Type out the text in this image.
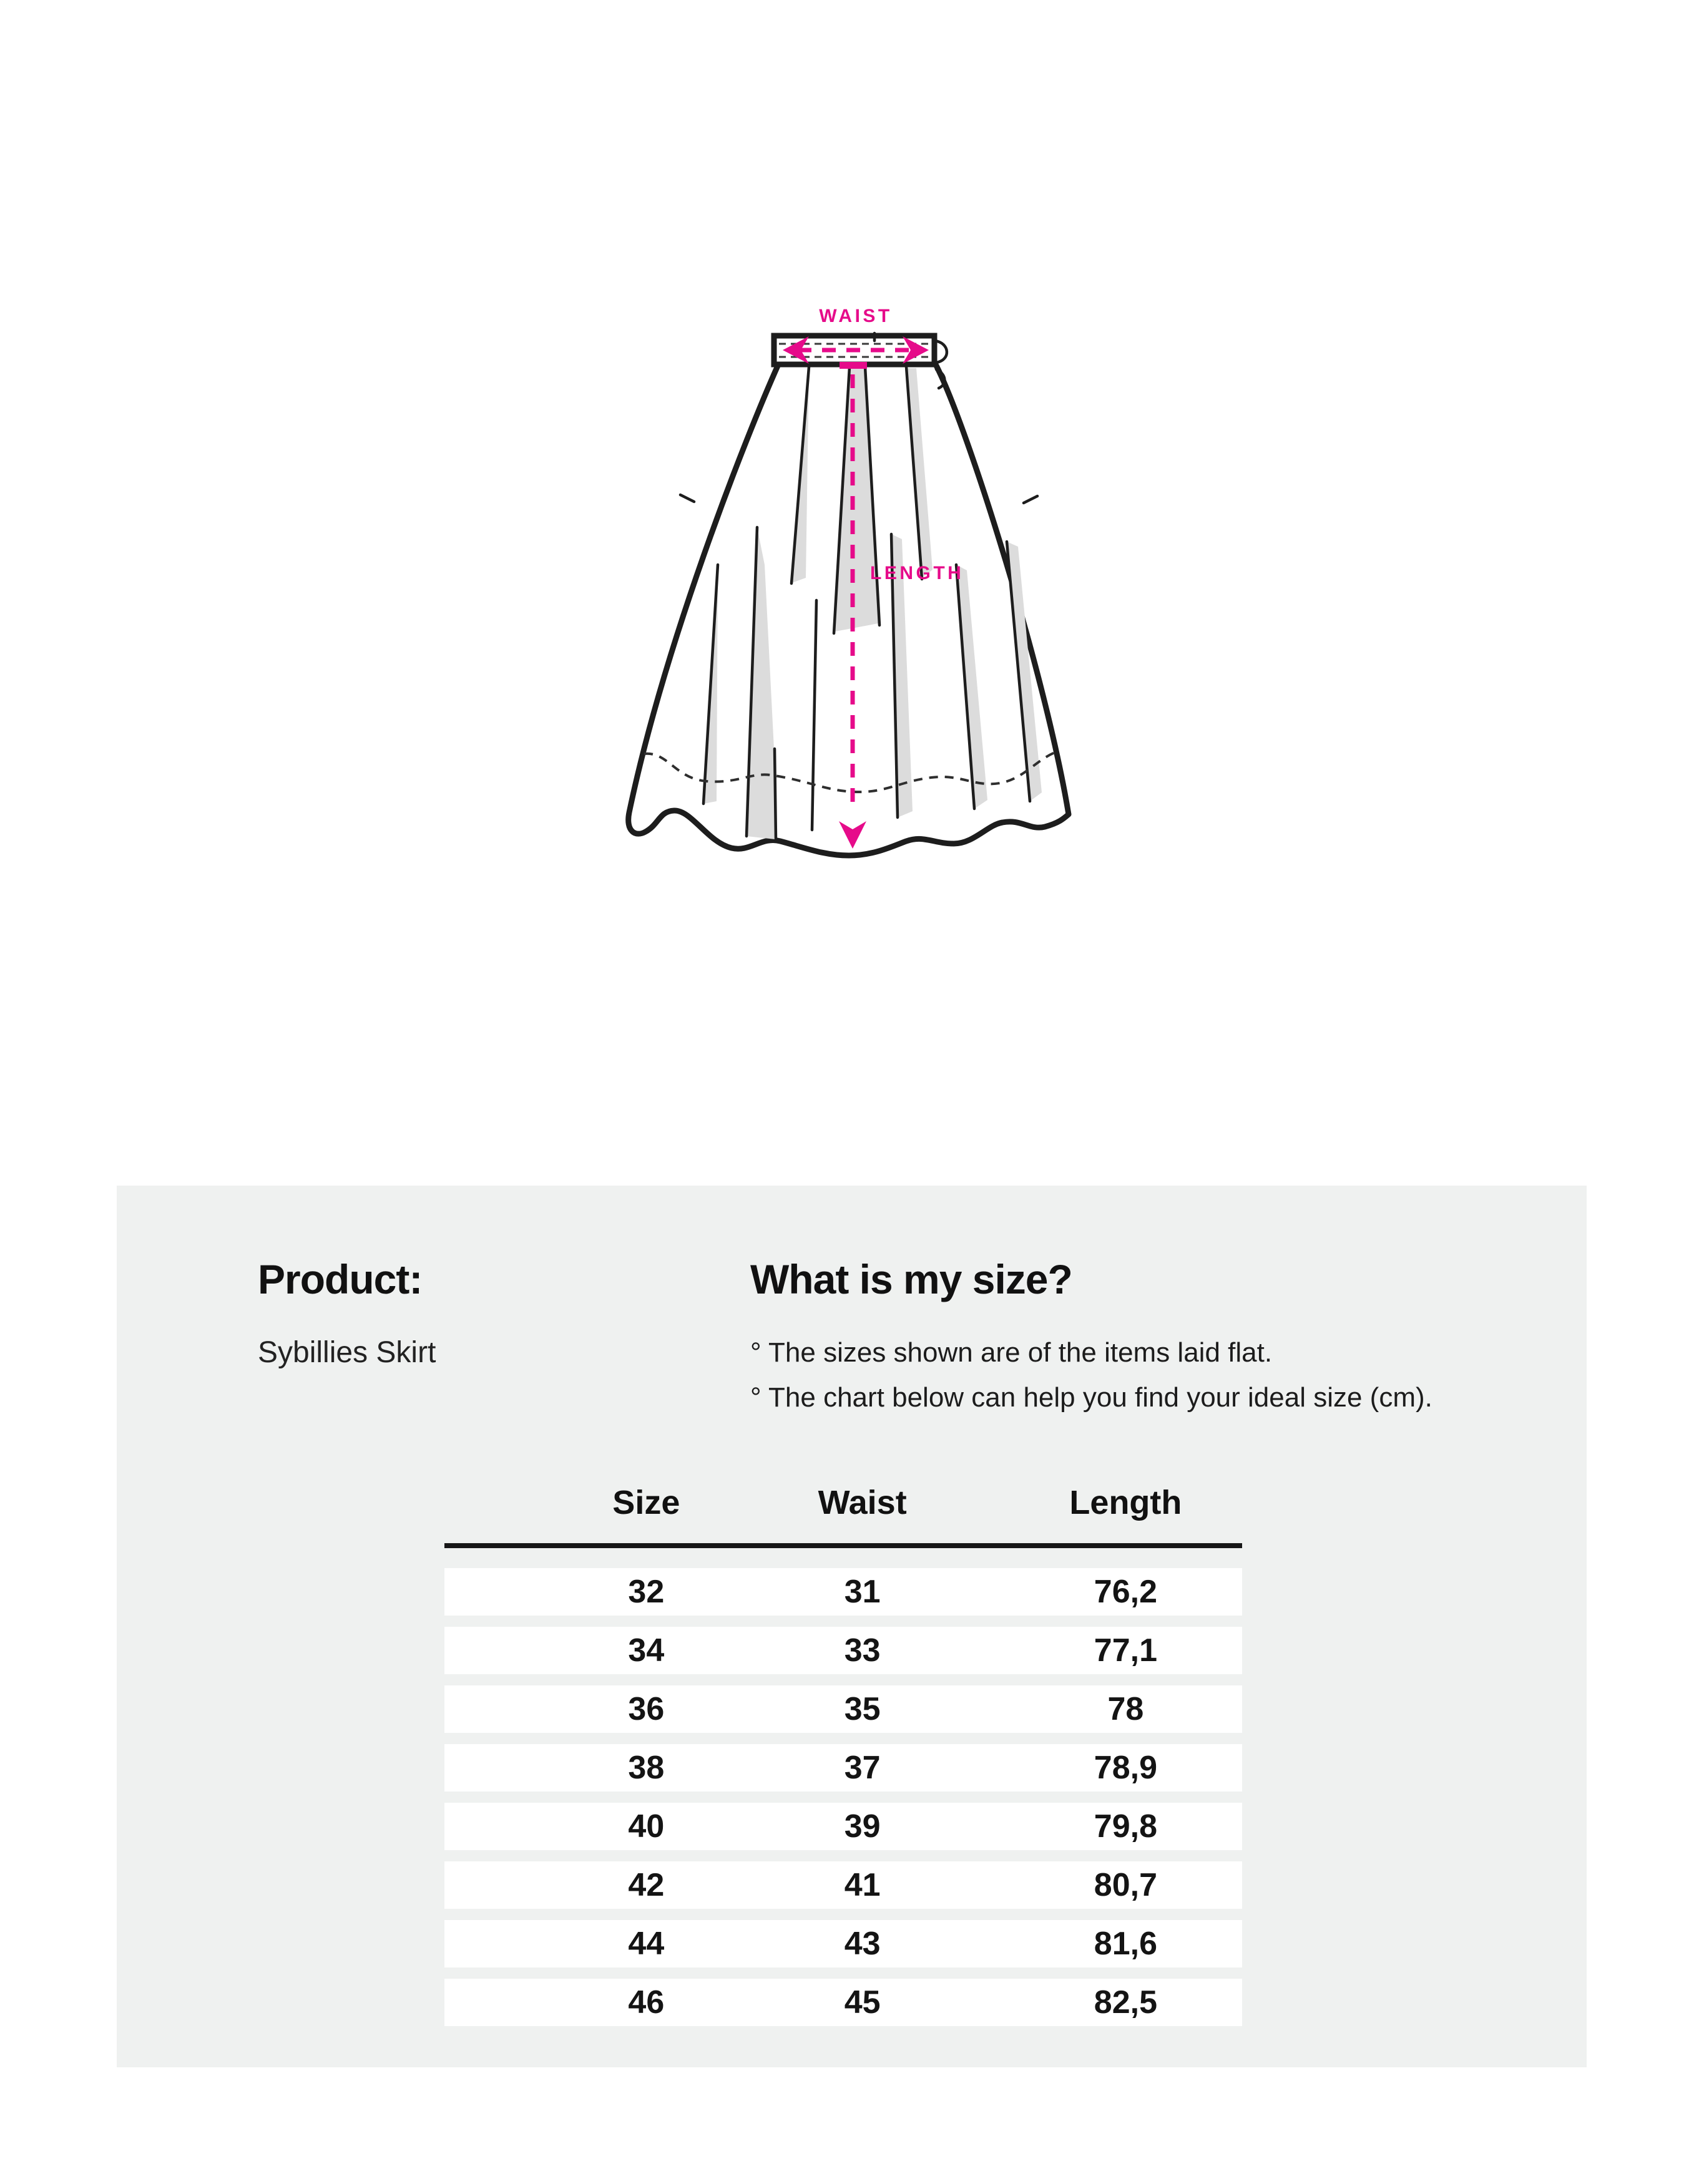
WAIST
LENGTH
Product:
Sybillies Skirt
What is my size?
° The sizes shown are of the items laid flat.
° The chart below can help you find your ideal size (cm).
Size	Waist	Length
32	31	76,2
34	33	77,1
36	35	78
38	37	78,9
40	39	79,8
42	41	80,7
44	43	81,6
46	45	82,5
